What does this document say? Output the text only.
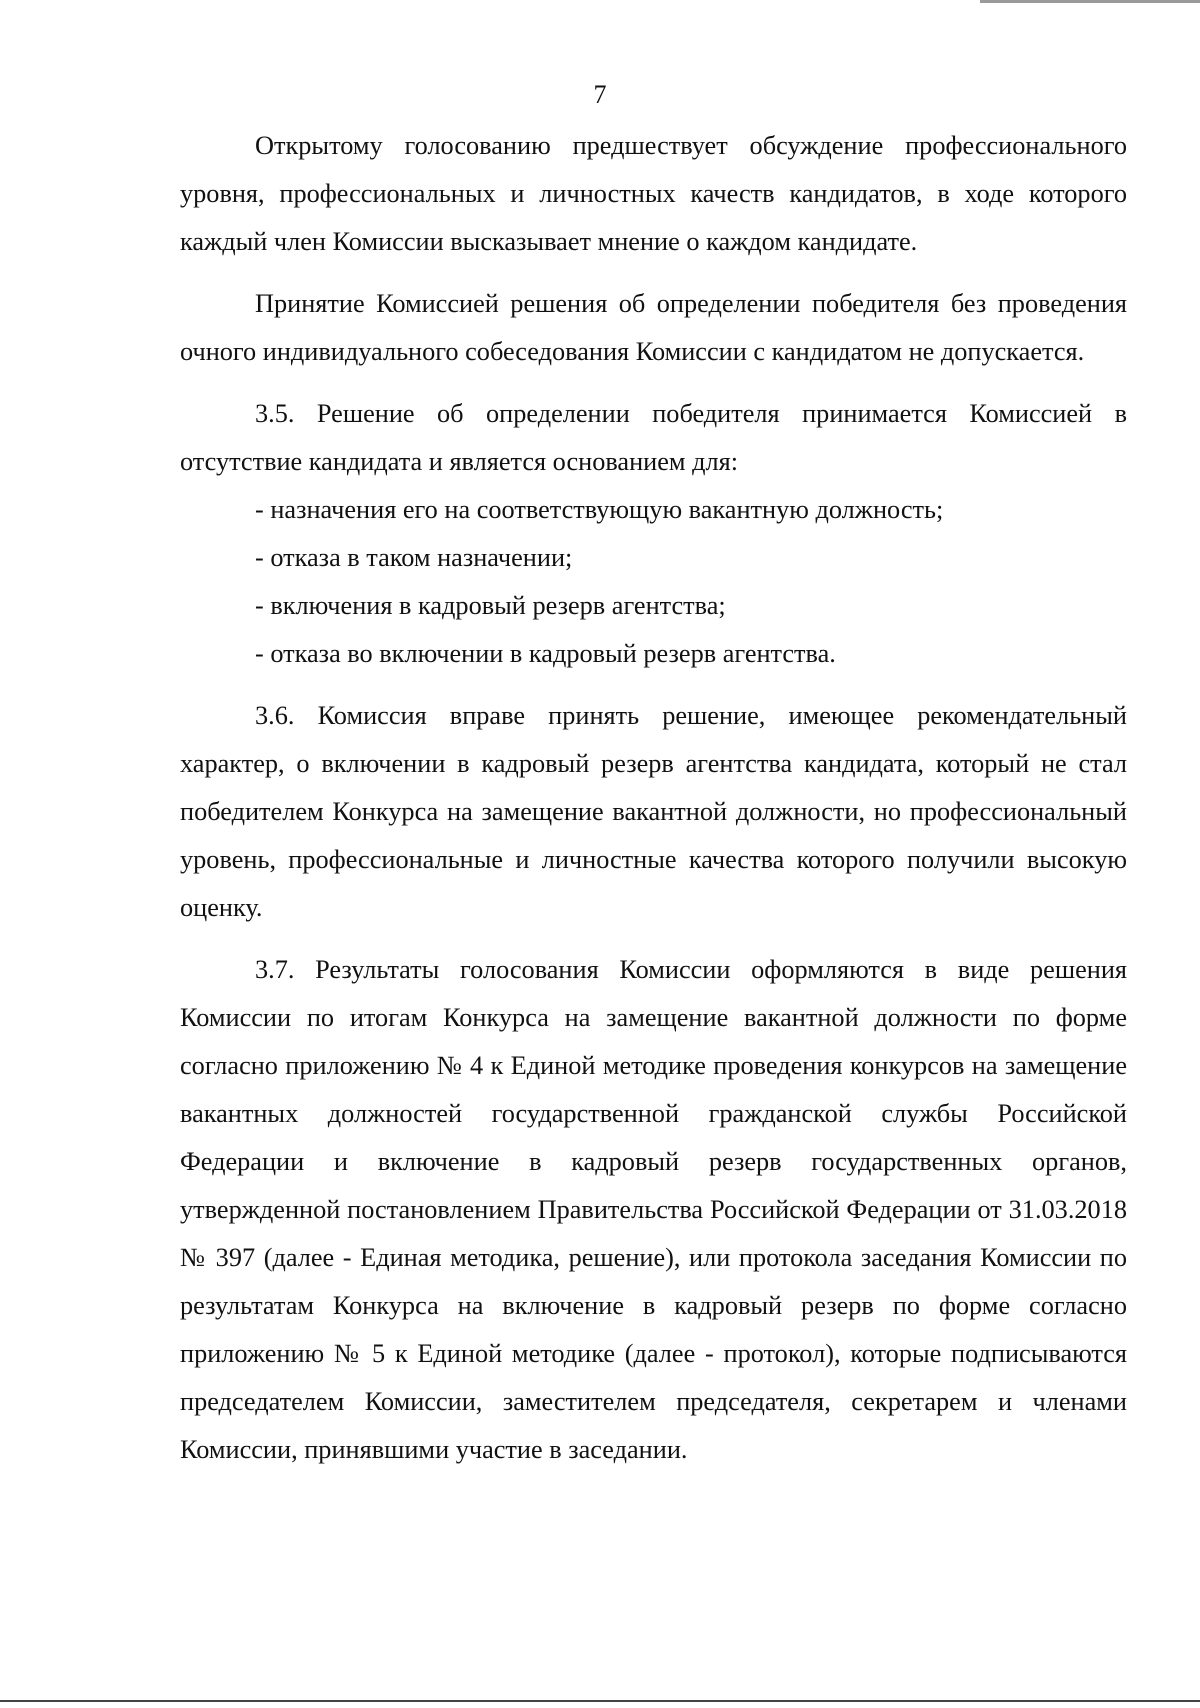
7

Открытому голосованию предшествует обсуждение профессионального уровня, профессиональных и личностных качеств кандидатов, в ходе которого каждый член Комиссии высказывает мнение о каждом кандидате.

Принятие Комиссией решения об определении победителя без проведения очного индивидуального собеседования Комиссии с кандидатом не допускается.

3.5. Решение об определении победителя принимается Комиссией в отсутствие кандидата и является основанием для:

- назначения его на соответствующую вакантную должность;

- отказа в таком назначении;

- включения в кадровый резерв агентства;

- отказа во включении в кадровый резерв агентства.

3.6. Комиссия вправе принять решение, имеющее рекомендательный характер, о включении в кадровый резерв агентства кандидата, который не стал победителем Конкурса на замещение вакантной должности, но профессиональный уровень, профессиональные и личностные качества которого получили высокую оценку.

3.7. Результаты голосования Комиссии оформляются в виде решения Комиссии по итогам Конкурса на замещение вакантной должности по форме согласно приложению № 4 к Единой методике проведения конкурсов на замещение вакантных должностей государственной гражданской службы Российской Федерации и включение в кадровый резерв государственных органов, утвержденной постановлением Правительства Российской Федерации от 31.03.2018 № 397 (далее - Единая методика, решение), или протокола заседания Комиссии по результатам Конкурса на включение в кадровый резерв по форме согласно приложению № 5 к Единой методике (далее - протокол), которые подписываются председателем Комиссии, заместителем председателя, секретарем и членами Комиссии, принявшими участие в заседании.
